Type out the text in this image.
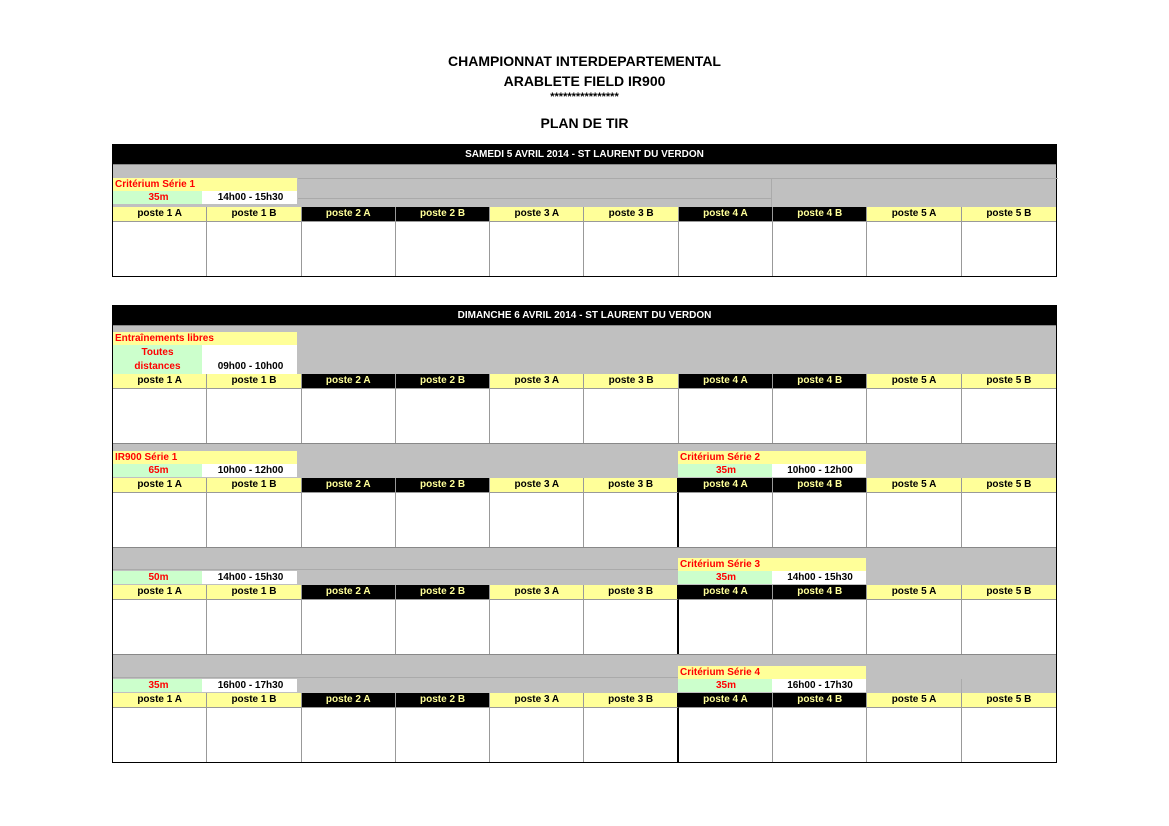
CHAMPIONNAT INTERDEPARTEMENTAL
ARABLETE FIELD IR900
****************
PLAN DE TIR
SAMEDI 5 AVRIL 2014 - ST LAURENT DU VERDON
Critérium Série 1
35m	14h00 - 15h30
poste 1 A	poste 1 B	poste 2 A	poste 2 B	poste 3 A	poste 3 B	poste 4 A	poste 4 B	poste 5 A	poste 5 B
DIMANCHE 6 AVRIL 2014 - ST LAURENT DU VERDON
Entraînements libres
Toutes
distances	09h00 - 10h00
poste 1 A	poste 1 B	poste 2 A	poste 2 B	poste 3 A	poste 3 B	poste 4 A	poste 4 B	poste 5 A	poste 5 B
IR900 Série 1
65m	10h00 - 12h00
Critérium Série 2
35m	10h00 - 12h00
poste 1 A	poste 1 B	poste 2 A	poste 2 B	poste 3 A	poste 3 B	poste 4 A	poste 4 B	poste 5 A	poste 5 B
50m	14h00 - 15h30
Critérium Série 3
35m	14h00 - 15h30
poste 1 A	poste 1 B	poste 2 A	poste 2 B	poste 3 A	poste 3 B	poste 4 A	poste 4 B	poste 5 A	poste 5 B
35m	16h00 - 17h30
Critérium Série 4
35m	16h00 - 17h30
poste 1 A	poste 1 B	poste 2 A	poste 2 B	poste 3 A	poste 3 B	poste 4 A	poste 4 B	poste 5 A	poste 5 B
